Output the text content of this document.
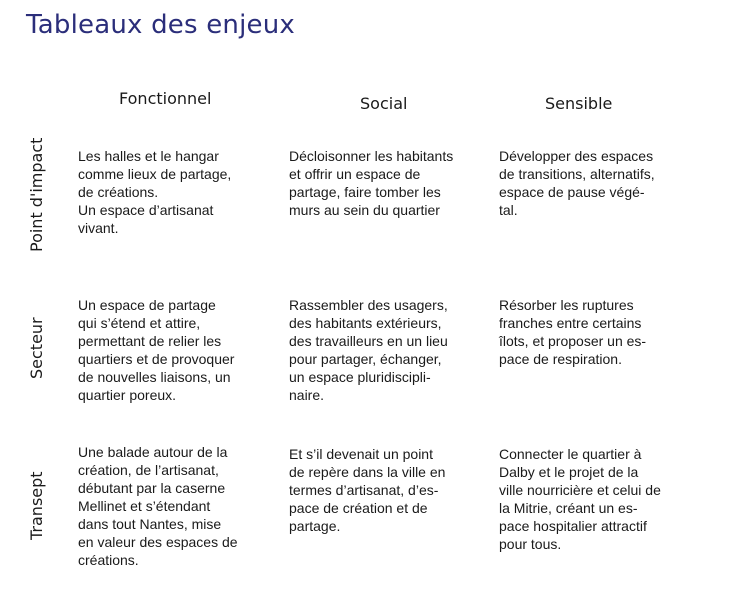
Tableaux des enjeux
Fonctionnel	Social	Sensible
Point d'impact
Secteur
Transept
Les halles et le hangar
comme lieux de partage,
de créations.
Un espace d’artisanat
vivant.
Décloisonner les habitants
et offrir un espace de
partage, faire tomber les
murs au sein du quartier
Développer des espaces
de transitions, alternatifs,
espace de pause végé-
tal.
Un espace de partage
qui s’étend et attire,
permettant de relier les
quartiers et de provoquer
de nouvelles liaisons, un
quartier poreux.
Rassembler des usagers,
des habitants extérieurs,
des travailleurs en un lieu
pour partager, échanger,
un espace pluridiscipli-
naire.
Résorber les ruptures
franches entre certains
îlots, et proposer un es-
pace de respiration.
Une balade autour de la
création, de l’artisanat,
débutant par la caserne
Mellinet et s’étendant
dans tout Nantes, mise
en valeur des espaces de
créations.
Et s’il devenait un point
de repère dans la ville en
termes d’artisanat, d’es-
pace de création et de
partage.
Connecter le quartier à
Dalby et le projet de la
ville nourricière et celui de
la Mitrie, créant un es-
pace hospitalier attractif
pour tous.
